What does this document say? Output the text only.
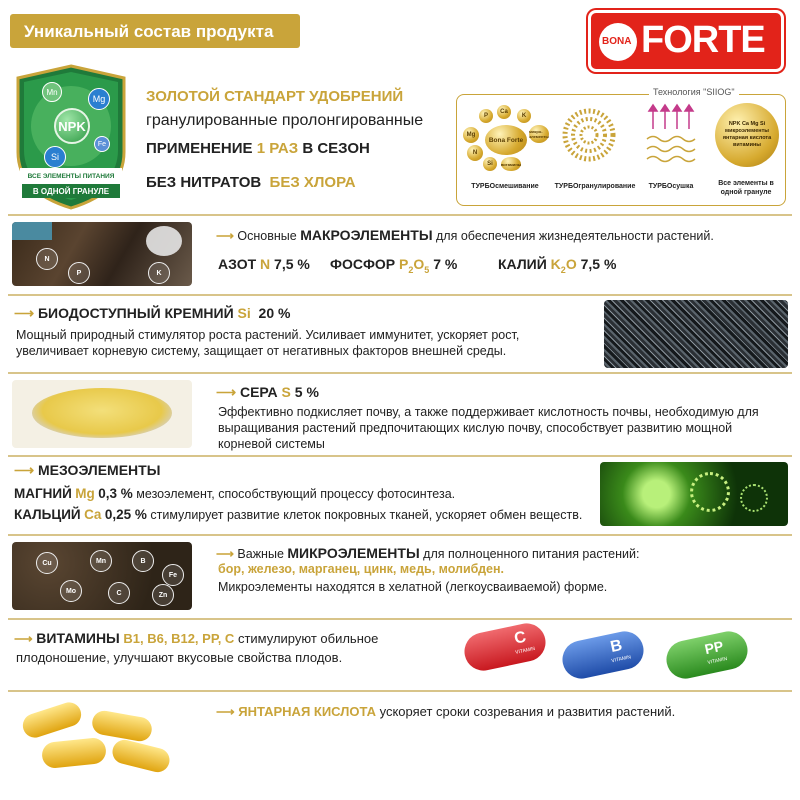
Уникальный состав продукта
BONA FORTE
NPK
Mn
Mg
Si
Fe
ВСЕ ЭЛЕМЕНТЫ ПИТАНИЯ
В ОДНОЙ ГРАНУЛЕ
ЗОЛОТОЙ СТАНДАРТ УДОБРЕНИЙ
гранулированные пролонгированные
ПРИМЕНЕНИЕ 1 РАЗ В СЕЗОН
БЕЗ НИТРАТОВ БЕЗ ХЛОРА
Технология "SIIOG"
Bona Forte
P
Ca
K
Mg
N
Si
микро-элементы
витамины
NPK Ca Mg Si микроэлементы янтарная кислота витамины
ТУРБОсмешивание	ТУРБОгранулирование	ТУРБОсушка	Все элементы в одной грануле
N
P	K
⟶ Основные МАКРОЭЛЕМЕНТЫ для обеспечения жизнедеятельности растений.
АЗОТ N 7,5 % ФОСФОР $P_2O_5$ 7 %	КАЛИЙ $K_2O$ 7,5 %
⟶ БИОДОСТУПНЫЙ КРЕМНИЙ Si 20 %
Мощный природный стимулятор роста растений. Усиливает иммунитет, ускоряет рост,
увеличивает корневую систему, защищает от негативных факторов внешней среды.
⟶ СЕРА S 5 %
Эффективно подкисляет почву, а также поддерживает кислотность почвы, необходимую для
выращивания растений предпочитающих кислую почву, способствует развитию мощной
корневой системы
⟶ МЕЗОЭЛЕМЕНТЫ
МАГНИЙ Mg 0,3 % мезоэлемент, способствующий процессу фотосинтеза.
КАЛЬЦИЙ Ca 0,25 % стимулирует развитие клеток покровных тканей, ускоряет обмен веществ.
Cu	Mn	B
Fe
Mo	C	Zn
⟶ Важные МИКРОЭЛЕМЕНТЫ для полноценного питания растений:
бор, железо, марганец, цинк, медь, молибден.
Микроэлементы находятся в хелатной (легкоусваиваемой) форме.
⟶ ВИТАМИНЫ В1, В6, В12, РР, С стимулируют обильное
плодоношение, улучшают вкусовые свойства плодов.
C
VITAMIN	B
VITAMIN
PP
VITAMIN
⟶ ЯНТАРНАЯ КИСЛОТА ускоряет сроки созревания и развития растений.
